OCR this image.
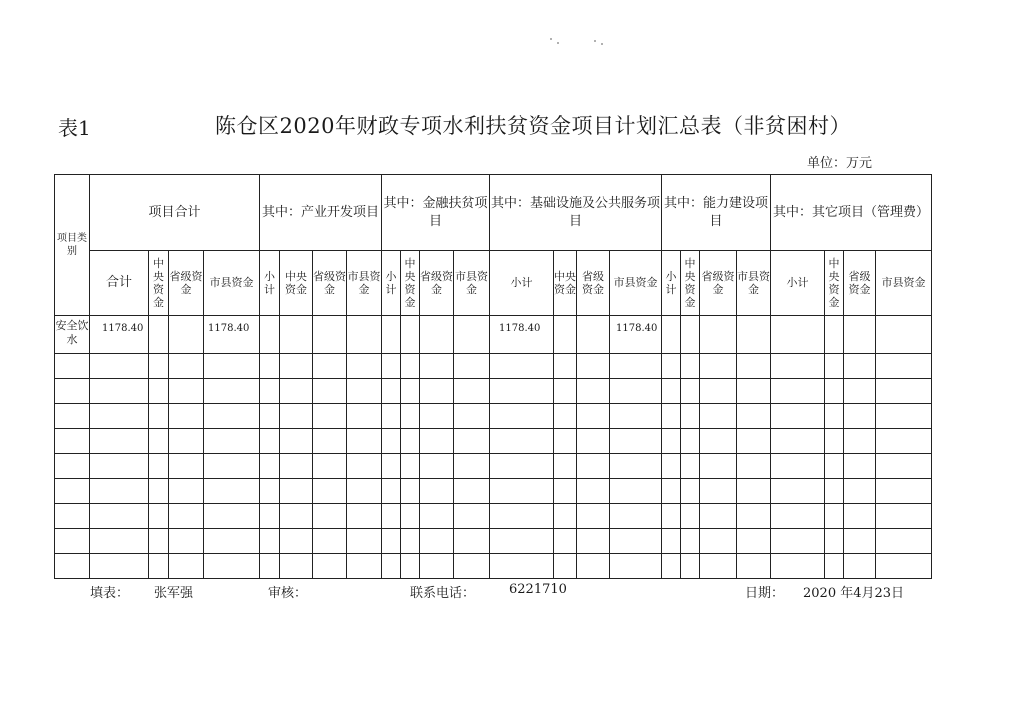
表1	陈仓区2020年财政专项水利扶贫资金项目计划汇总表（非贫困村）
单位：万元
项目类别	项目合计				其中：产业开发项目				其中：金融扶贫项目				其中：基础设施及公共服务项目				其中：能力建设项目				其中：其它项目（管理费）			
	合计	中央资金	省级资金	市县资金	小计	中央资金	省级资金	市县资金	小计	中央资金	省级资金	市县资金	小计	中央资金	省级资金	市县资金	小计	中央资金	省级资金	市县资金	小计	中央资金	省级资金	市县资金
安全饮水	1178.40			1178.40									1178.40			1178.40								

填表： 张军强	审核：	联系电话：	6221710	日期： 2020 年4月23日
